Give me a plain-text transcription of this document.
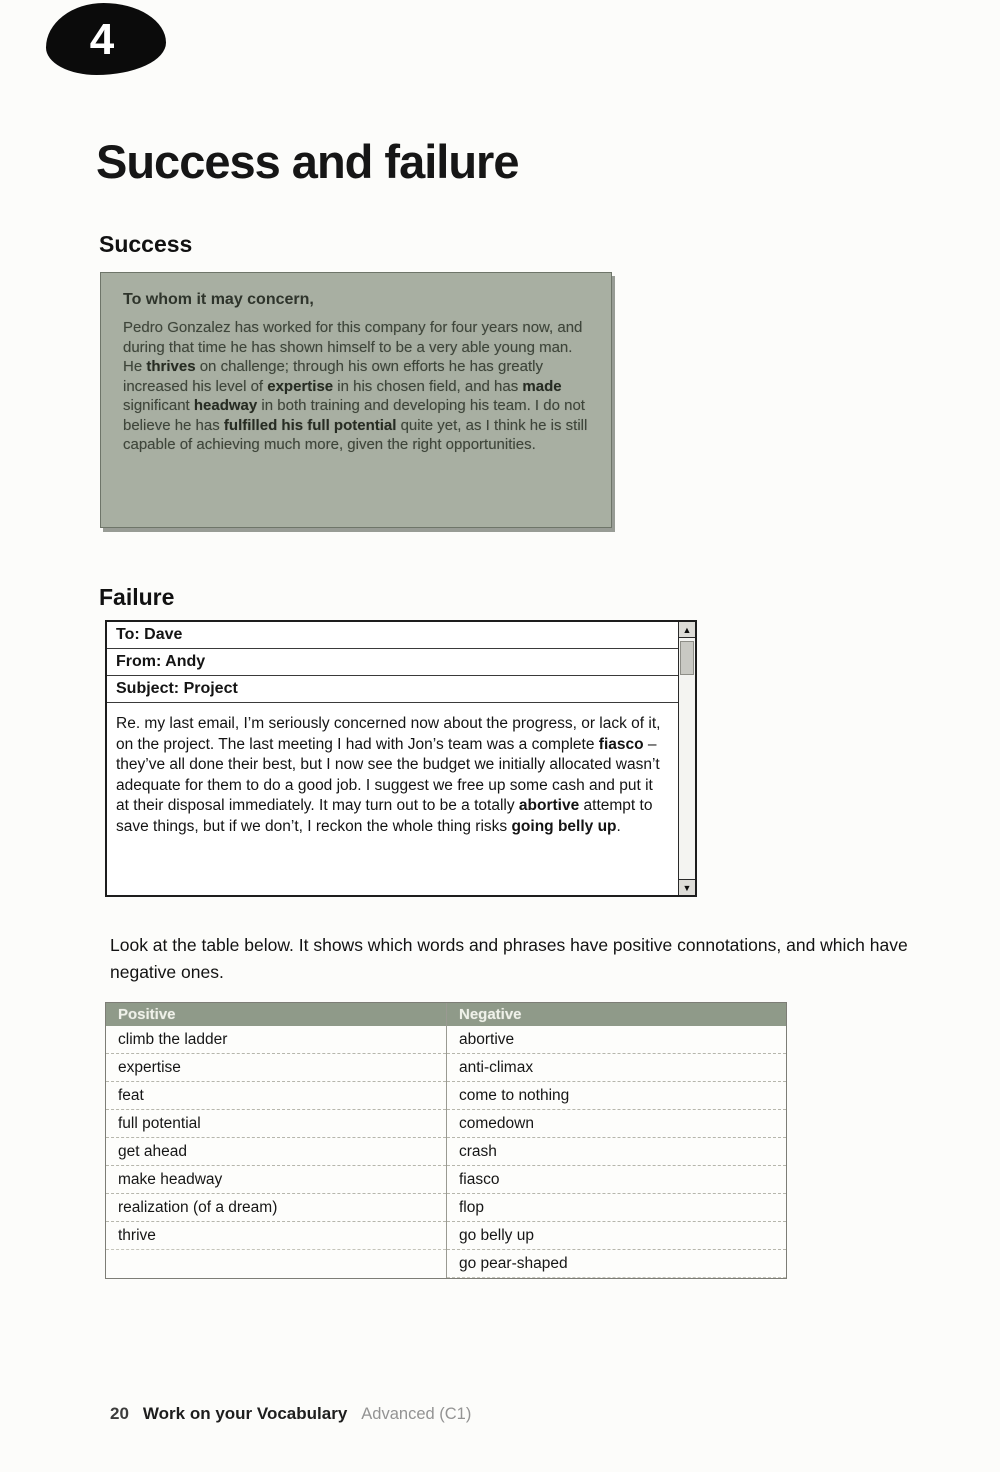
4
Success and failure
Success

To whom it may concern,

Pedro Gonzalez has worked for this company for four years now, and during that time he has shown himself to be a very able young man. He thrives on challenge; through his own efforts he has greatly increased his level of expertise in his chosen field, and has made significant headway in both training and developing his team. I do not believe he has fulfilled his full potential quite yet, as I think he is still capable of achieving much more, given the right opportunities.

Failure
To: Dave
From: Andy
Subject: Project

Re. my last email, I’m seriously concerned now about the progress, or lack of it, on the project. The last meeting I had with Jon’s team was a complete fiasco – they’ve all done their best, but I now see the budget we initially allocated wasn’t adequate for them to do a good job. I suggest we free up some cash and put it at their disposal immediately. It may turn out to be a totally abortive attempt to save things, but if we don’t, I reckon the whole thing risks going belly up.

▲
▼

Look at the table below. It shows which words and phrases have positive connotations, and which have negative ones.

Positive
climb the ladder
expertise
feat
full potential
get ahead
make headway
realization (of a dream)
thrive
Negative
abortive
anti-climax
come to nothing
comedown
crash
fiasco
flop
go belly up
go pear-shaped
20 Work on your Vocabulary Advanced (C1)
